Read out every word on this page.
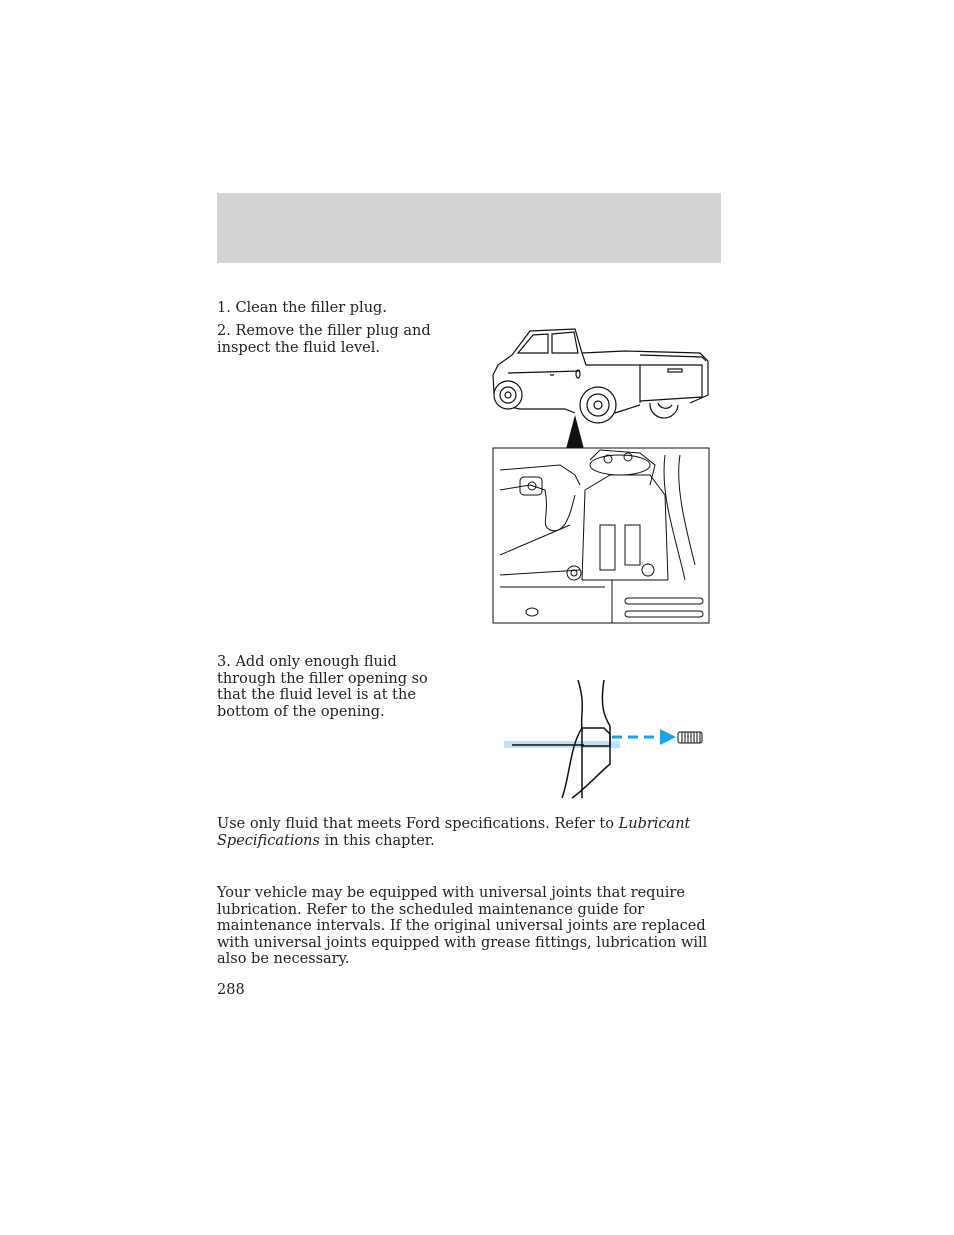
1. Clean the filler plug.
2. Remove the filler plug and inspect the fluid level.
3. Add only enough fluid through the filler opening so that the fluid level is at the bottom of the opening.
Use only fluid that meets Ford specifications. Refer to Lubricant Specifications in this chapter.
Your vehicle may be equipped with universal joints that require lubrication. Refer to the scheduled maintenance guide for maintenance intervals. If the original universal joints are replaced with universal joints equipped with grease fittings, lubrication will also be necessary.
288
